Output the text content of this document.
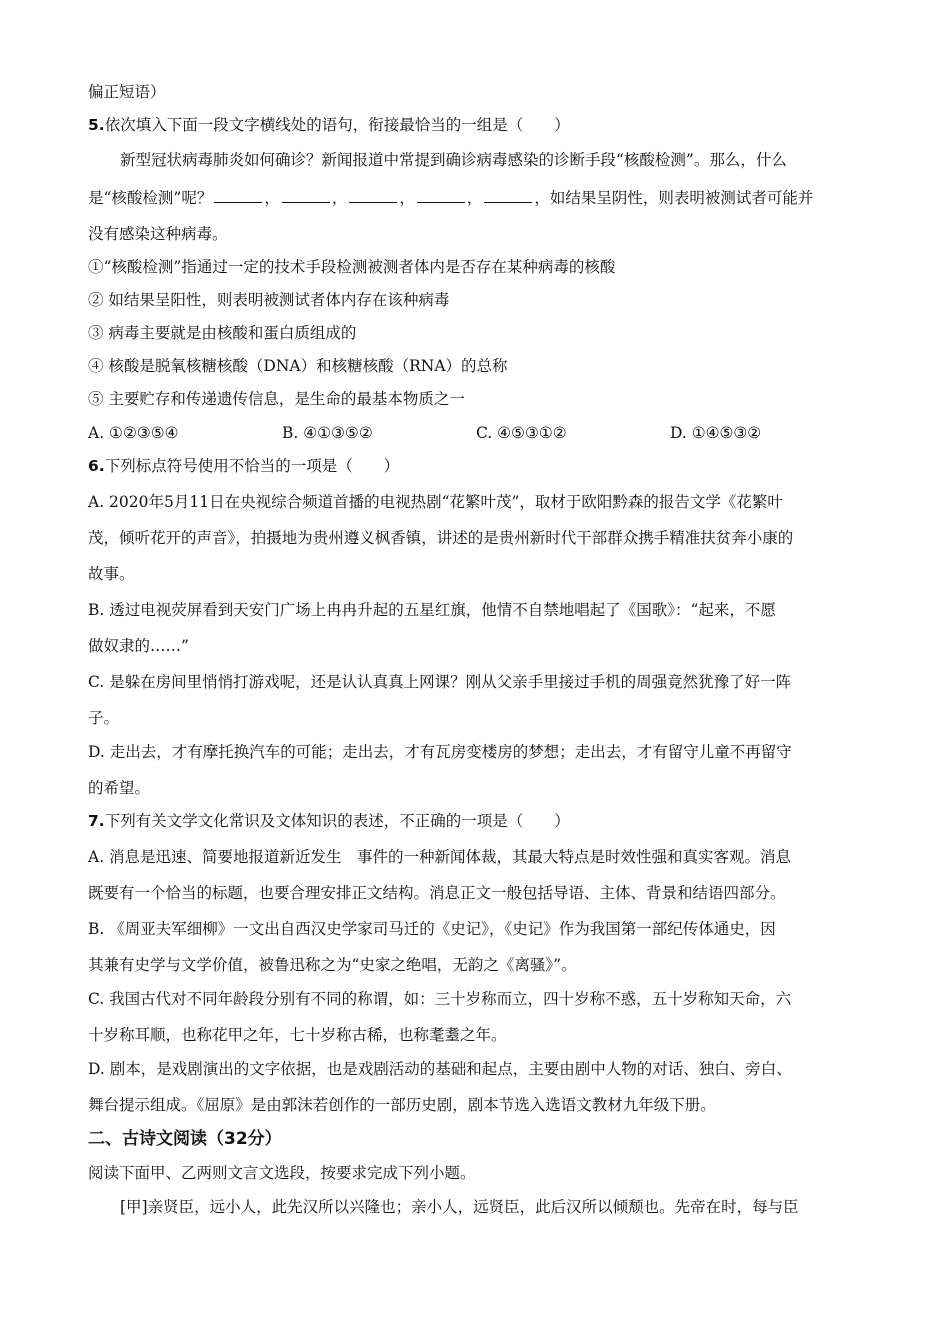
偏正短语）
5.依次填入下面一段文字横线处的语句，衔接最恰当的一组是（　　）
新型冠状病毒肺炎如何确诊？新闻报道中常提到确诊病毒感染的诊断手段“核酸检测”。那么，什么
是“核酸检测”呢？	，	，	，	，	，如结果呈阴性，则表明被测试者可能并
没有感染这种病毒。
①“核酸检测”指通过一定的技术手段检测被测者体内是否存在某种病毒的核酸
② 如结果呈阳性，则表明被测试者体内存在该种病毒
③ 病毒主要就是由核酸和蛋白质组成的
④ 核酸是脱氧核糖核酸（DNA）和核糖核酸（RNA）的总称
⑤ 主要贮存和传递遗传信息，是生命的最基本物质之一
A. ①②③⑤④	B. ④①③⑤②	C. ④⑤③①②	D. ①④⑤③②
6.下列标点符号使用不恰当的一项是（　　）
A. 2020年5月11日在央视综合频道首播的电视热剧“花繁叶茂”，取材于欧阳黔森的报告文学《花繁叶
茂，倾听花开的声音》，拍摄地为贵州遵义枫香镇，讲述的是贵州新时代干部群众携手精准扶贫奔小康的
故事。
B. 透过电视荧屏看到天安门广场上冉冉升起的五星红旗，他情不自禁地唱起了《国歌》：“起来，不愿
做奴隶的……”
C. 是躲在房间里悄悄打游戏呢，还是认认真真上网课？刚从父亲手里接过手机的周强竟然犹豫了好一阵
子。
D. 走出去，才有摩托换汽车的可能；走出去，才有瓦房变楼房的梦想；走出去，才有留守儿童不再留守
的希望。
7.下列有关文学文化常识及文体知识的表述，不正确的一项是（　　）
A. 消息是迅速、简要地报道新近发生　事件的一种新闻体裁，其最大特点是时效性强和真实客观。消息
既要有一个恰当的标题，也要合理安排正文结构。消息正文一般包括导语、主体、背景和结语四部分。
B. 《周亚夫军细柳》一文出自西汉史学家司马迁的《史记》，《史记》作为我国第一部纪传体通史，因
其兼有史学与文学价值，被鲁迅称之为“史家之绝唱，无韵之《离骚》”。
C. 我国古代对不同年龄段分别有不同的称谓，如：三十岁称而立，四十岁称不惑，五十岁称知天命，六
十岁称耳顺，也称花甲之年，七十岁称古稀，也称耄耋之年。
D. 剧本，是戏剧演出的文字依据，也是戏剧活动的基础和起点，主要由剧中人物的对话、独白、旁白、
舞台提示组成。《屈原》是由郭沫若创作的一部历史剧，剧本节选入选语文教材九年级下册。
二、古诗文阅读（32分）
阅读下面甲、乙两则文言文选段，按要求完成下列小题。
[甲]亲贤臣，远小人，此先汉所以兴隆也；亲小人，远贤臣，此后汉所以倾颓也。先帝在时，每与臣
